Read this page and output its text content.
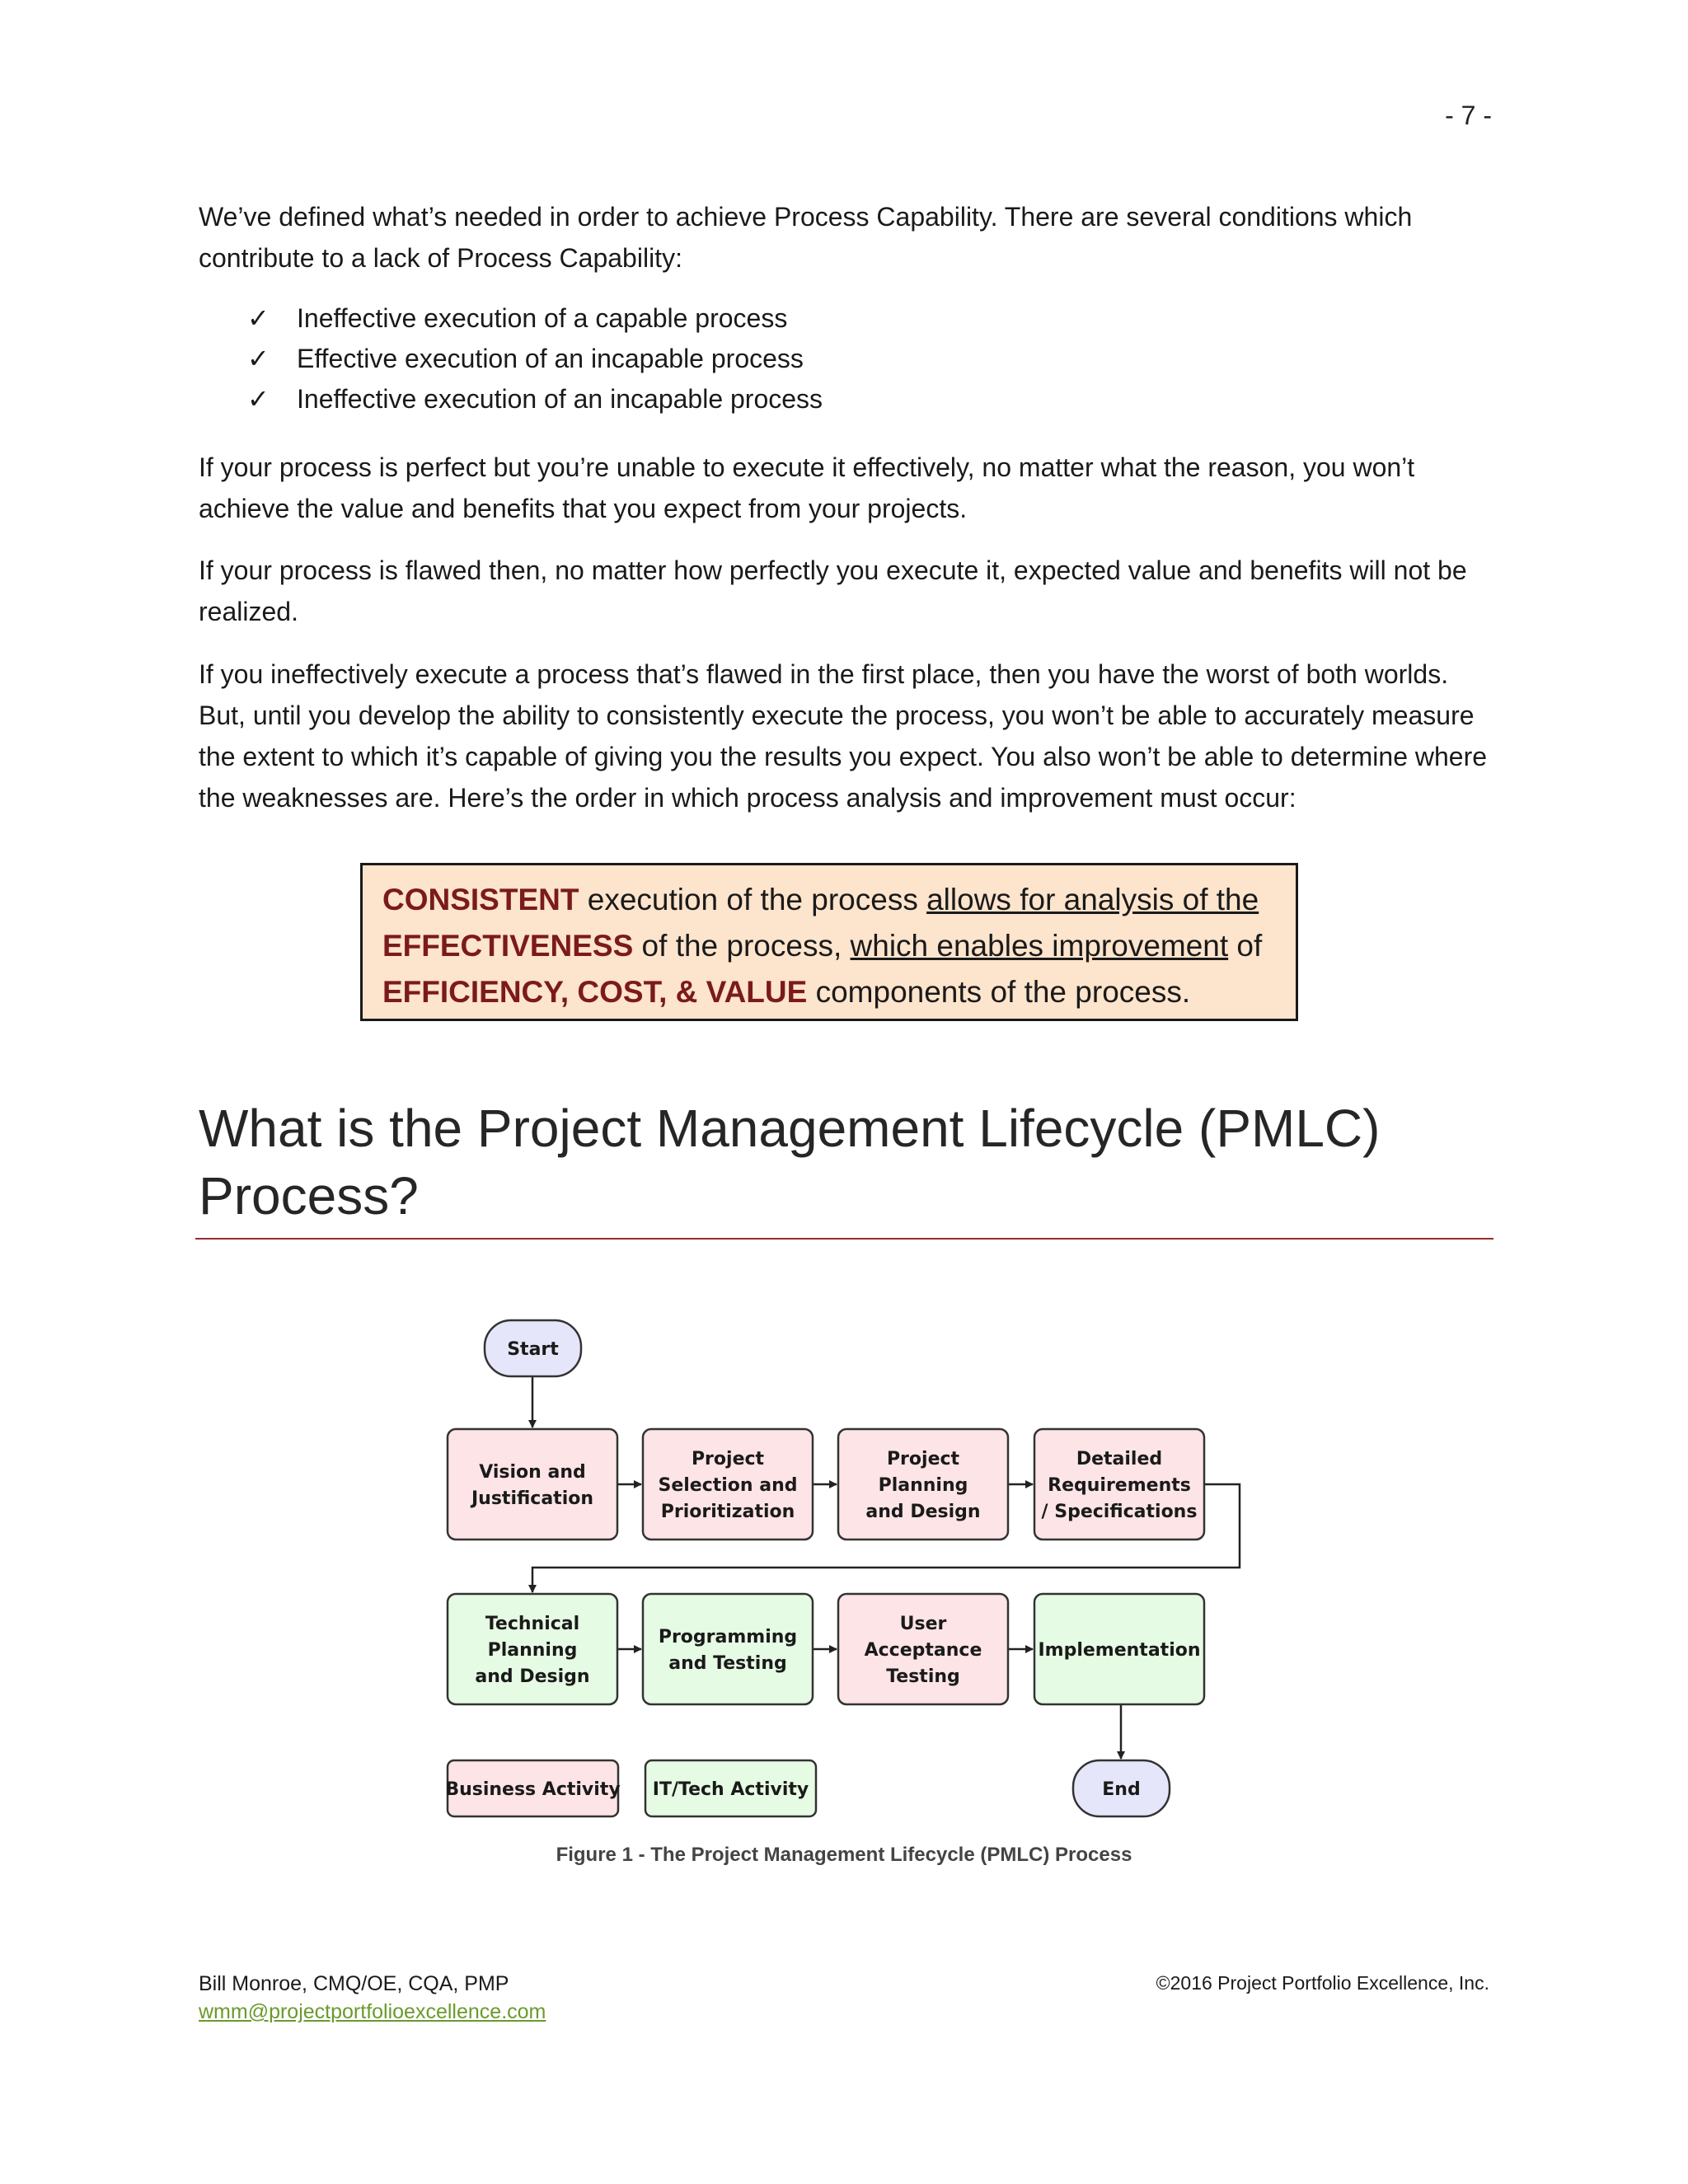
- 7 -

We’ve defined what’s needed in order to achieve Process Capability. There are several conditions which contribute to a lack of Process Capability:

✓	Ineffective execution of a capable process
✓	Effective execution of an incapable process
✓	Ineffective execution of an incapable process

If your process is perfect but you’re unable to execute it effectively, no matter what the reason, you won’t achieve the value and benefits that you expect from your projects.

If your process is flawed then, no matter how perfectly you execute it, expected value and benefits will not be realized.

If you ineffectively execute a process that’s flawed in the first place, then you have the worst of both worlds. But, until you develop the ability to consistently execute the process, you won’t be able to accurately measure the extent to which it’s capable of giving you the results you expect. You also won’t be able to determine where the weaknesses are. Here’s the order in which process analysis and improvement must occur:

CONSISTENT execution of the process allows for analysis of the
EFFECTIVENESS of the process, which enables improvement of
EFFICIENCY, COST, & VALUE components of the process.
What is the Project Management Lifecycle (PMLC) Process?
Start
Vision and
Justification
Project
Selection and
Prioritization
Project
Planning
and Design
Detailed
Requirements
/ Specifications
Technical
Planning
and Design
Programming
and Testing
User
Acceptance
Testing
Implementation
End
Business Activity IT/Tech Activity
Figure 1 - The Project Management Lifecycle (PMLC) Process
Bill Monroe, CMQ/OE, CQA, PMP
wmm@projectportfolioexcellence.com
©2016 Project Portfolio Excellence, Inc.
